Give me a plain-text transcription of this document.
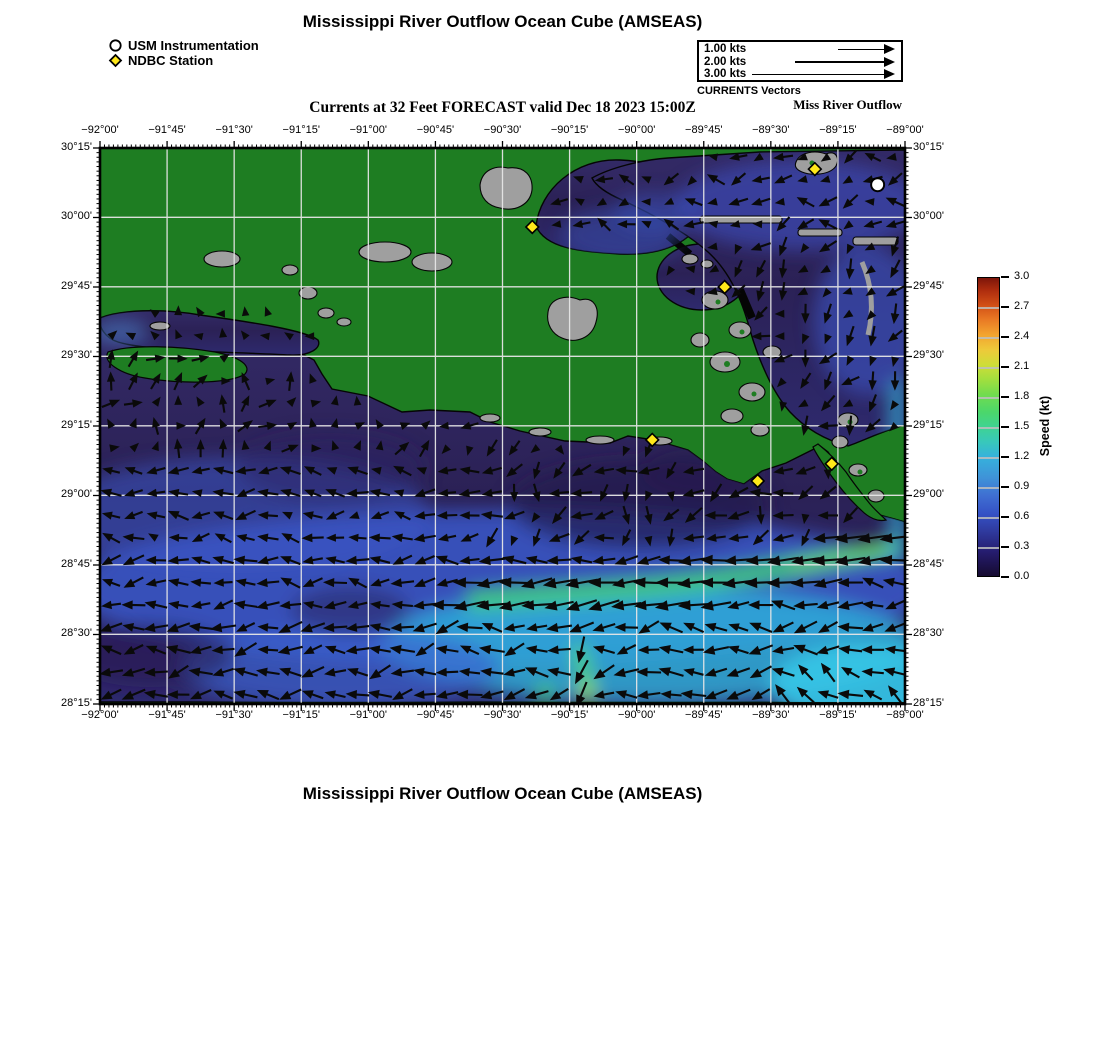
Mississippi River Outflow Ocean Cube (AMSEAS)
USM Instrumentation
NDBC Station
1.00 kts
2.00 kts
3.00 kts
CURRENTS Vectors
Miss River Outflow
Currents at 32 Feet FORECAST valid Dec 18 2023 15:00Z
−92°00'	−91°45'	−91°30'	−91°15'	−91°00'	−90°45'	−90°30'	−90°15'	−90°00'	−89°45'	−89°30'	−89°15'	−89°00'
−92°00'	−91°45'	−91°30'	−91°15'	−91°00'	−90°45'	−90°30'	−90°15'	−90°00'	−89°45'	−89°30'	−89°15'	−89°00'
30°15'
30°00'
29°45'
29°30'
29°15'
29°00'
28°45'
28°30'
28°15'
30°15'
30°00'
29°45'
29°30'
29°15'
29°00'
28°45'
28°30'
28°15'
3.0
2.7
2.4
2.1
1.8
1.5
1.2
0.9
0.6
0.3
0.0
Speed (kt)
Mississippi River Outflow Ocean Cube (AMSEAS)
